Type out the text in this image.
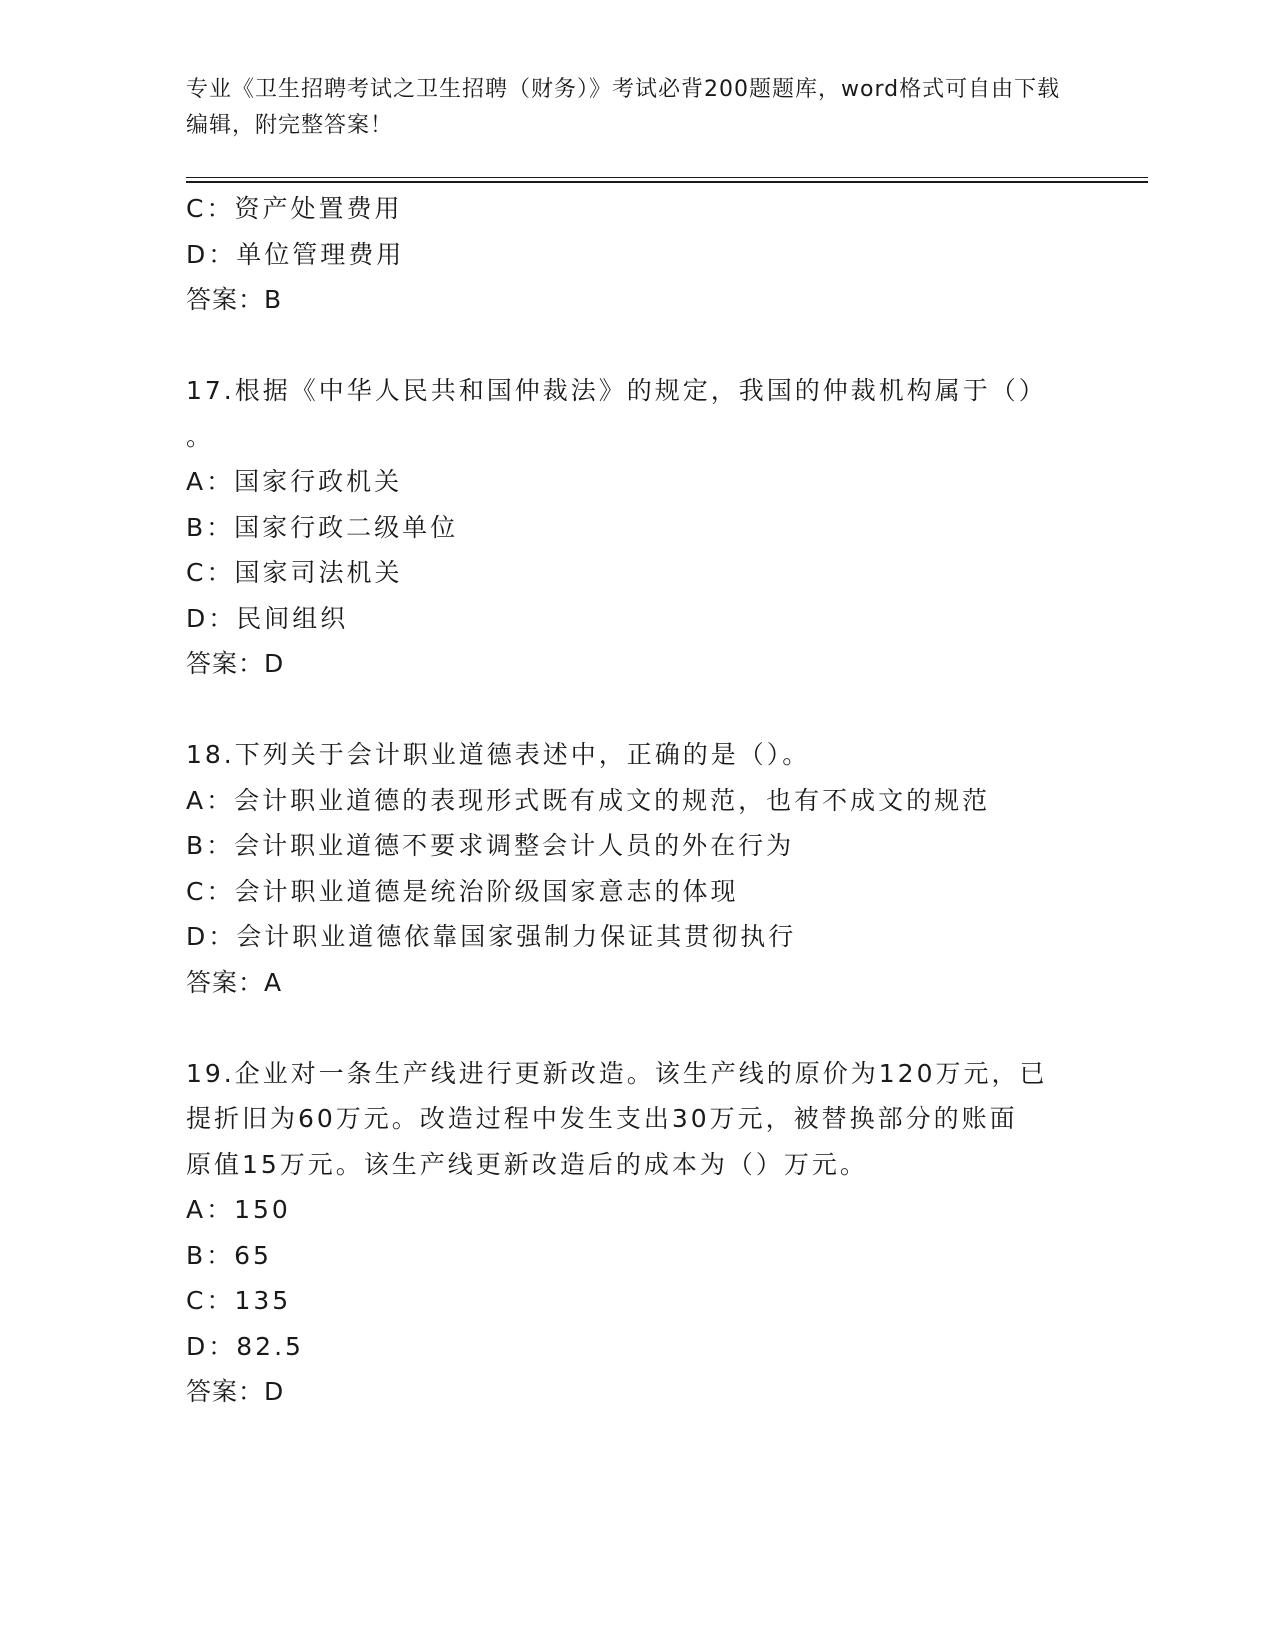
专业《卫生招聘考试之卫生招聘（财务）》考试必背200题题库，word格式可自由下载编辑，附完整答案！
C：资产处置费用
D：单位管理费用
答案：B
17.根据《中华人民共和国仲裁法》的规定，我国的仲裁机构属于（）
。
A：国家行政机关
B：国家行政二级单位
C：国家司法机关
D：民间组织
答案：D
18.下列关于会计职业道德表述中，正确的是（）。
A：会计职业道德的表现形式既有成文的规范，也有不成文的规范
B：会计职业道德不要求调整会计人员的外在行为
C：会计职业道德是统治阶级国家意志的体现
D：会计职业道德依靠国家强制力保证其贯彻执行
答案：A
19.企业对一条生产线进行更新改造。该生产线的原价为120万元，已
提折旧为60万元。改造过程中发生支出30万元，被替换部分的账面
原值15万元。该生产线更新改造后的成本为（）万元。
A：150
B：65
C：135
D：82.5
答案：D
